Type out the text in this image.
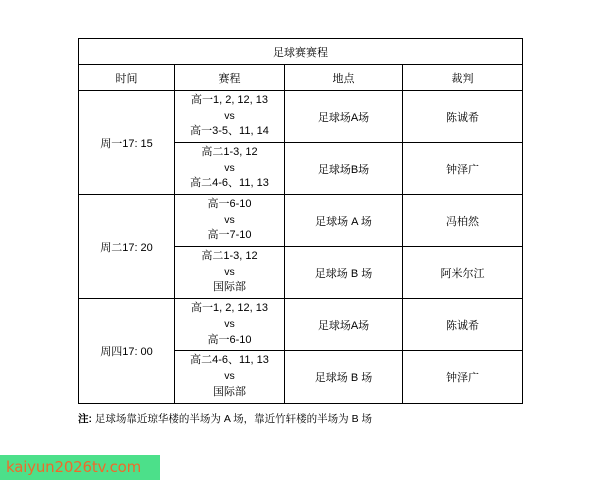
足球赛赛程			
时间	赛程	地点	裁判
周一17: 15	高一1, 2, 12, 13
vs
高一3-5、11, 14	足球场A场	陈诚希

	高二1-3, 12
vs
高二4-6、11, 13	足球场B场	钟泽广
周二17: 20	高一6-10
vs
高一7-10	足球场 A 场	冯柏然

	高二1-3, 12
vs
国际部	足球场 B 场	阿米尔江
周四17: 00	高一1, 2, 12, 13
vs
高一6-10	足球场A场	陈诚希

	高二4-6、11, 13
vs
国际部	足球场 B 场	钟泽广
注: 足球场靠近琼华楼的半场为 A 场，靠近竹轩楼的半场为 B 场
kaiyun2026tv.com
